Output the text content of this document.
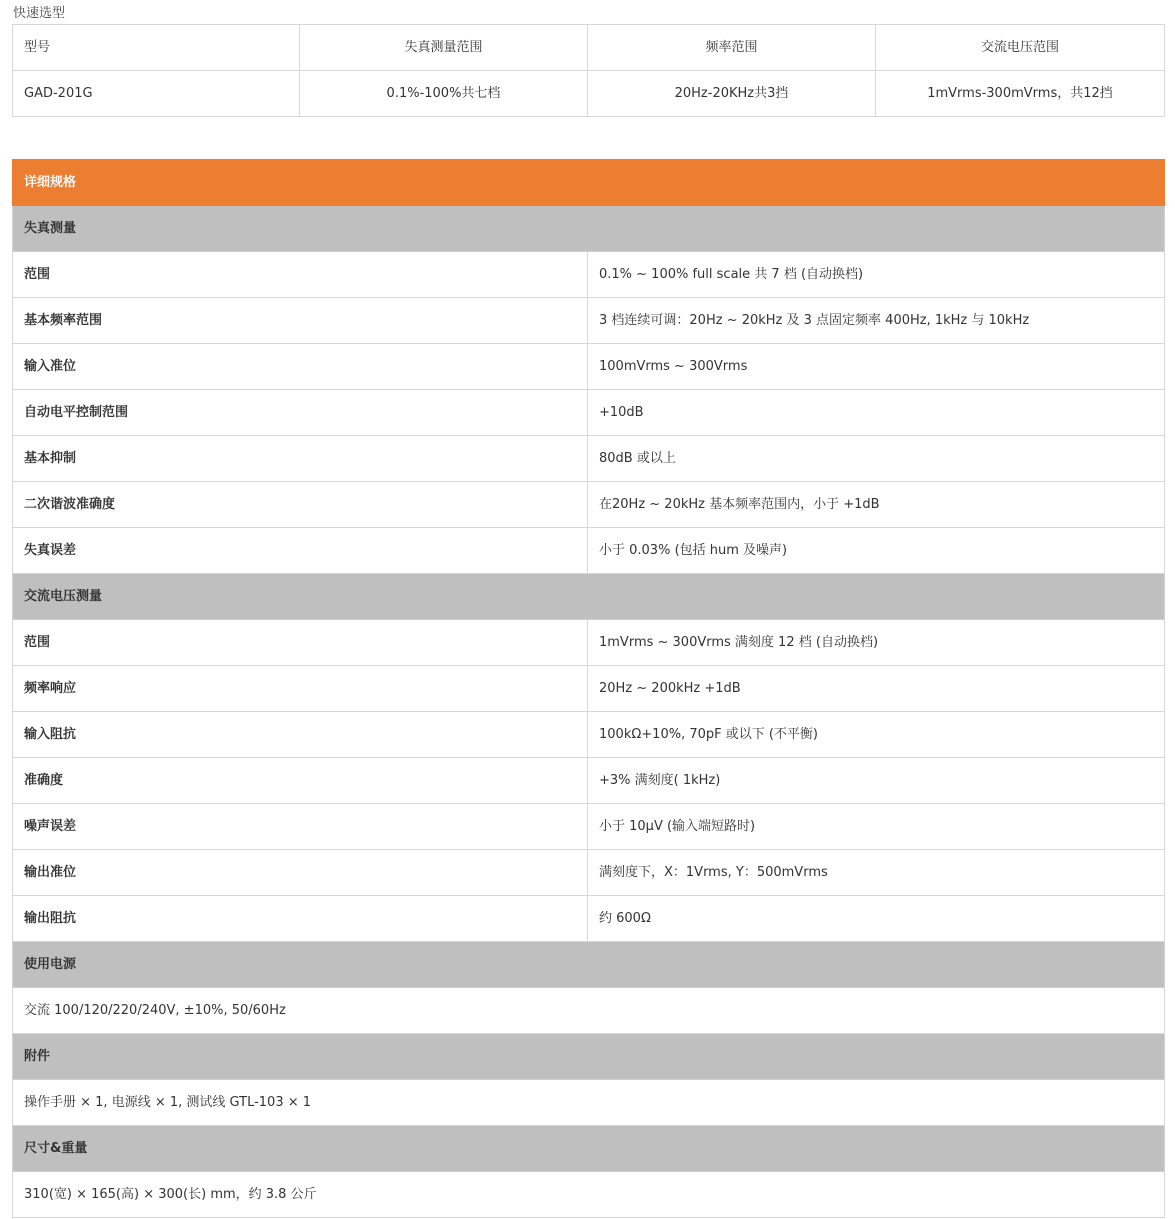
快速选型
型号	失真测量范围	频率范围	交流电压范围
GAD-201G	0.1%-100%共七档	20Hz-20KHz共3挡	1mVrms-300mVrms，共12挡
详细规格	
失真测量	
范围	0.1% ~ 100% full scale 共 7 档 (自动换档)
基本频率范围	3 档连续可调：20Hz ~ 20kHz 及 3 点固定频率 400Hz, 1kHz 与 10kHz
输入准位	100mVrms ~ 300Vrms
自动电平控制范围	+10dB
基本抑制	80dB 或以上
二次谐波准确度	在20Hz ~ 20kHz 基本频率范围内，小于 +1dB
失真误差	小于 0.03% (包括 hum 及噪声)
交流电压测量	
范围	1mVrms ~ 300Vrms 满刻度 12 档 (自动换档)
频率响应	20Hz ~ 200kHz +1dB
输入阻抗	100kΩ+10%, 70pF 或以下 (不平衡)
准确度	+3% 满刻度( 1kHz)
噪声误差	小于 10μV (输入端短路时)
输出准位	满刻度下，X：1Vrms, Y：500mVrms
输出阻抗	约 600Ω
使用电源	
交流 100/120/220/240V, ±10%, 50/60Hz	
附件	
操作手册 × 1, 电源线 × 1, 测试线 GTL-103 × 1	
尺寸&重量	
310(宽) × 165(高) × 300(长) mm，约 3.8 公斤	
